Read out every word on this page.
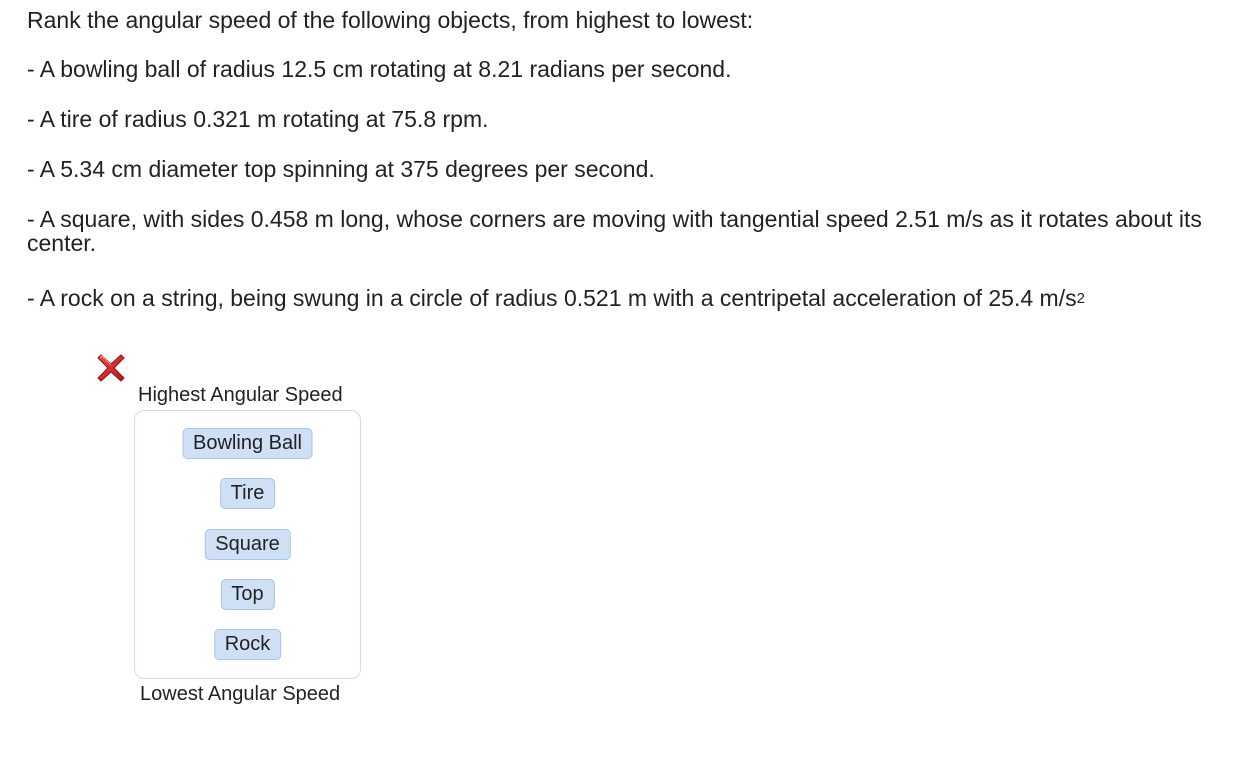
Rank the angular speed of the following objects, from highest to lowest:

- A bowling ball of radius 12.5 cm rotating at 8.21 radians per second.

- A tire of radius 0.321 m rotating at 75.8 rpm.

- A 5.34 cm diameter top spinning at 375 degrees per second.

- A square, with sides 0.458 m long, whose corners are moving with tangential speed 2.51 m/s as it rotates about its center.

- A rock on a string, being swung in a circle of radius 0.521 m with a centripetal acceleration of 25.4 $m/s^2$

Highest Angular Speed
Bowling Ball
Tire
Square
Top
Rock
Lowest Angular Speed
